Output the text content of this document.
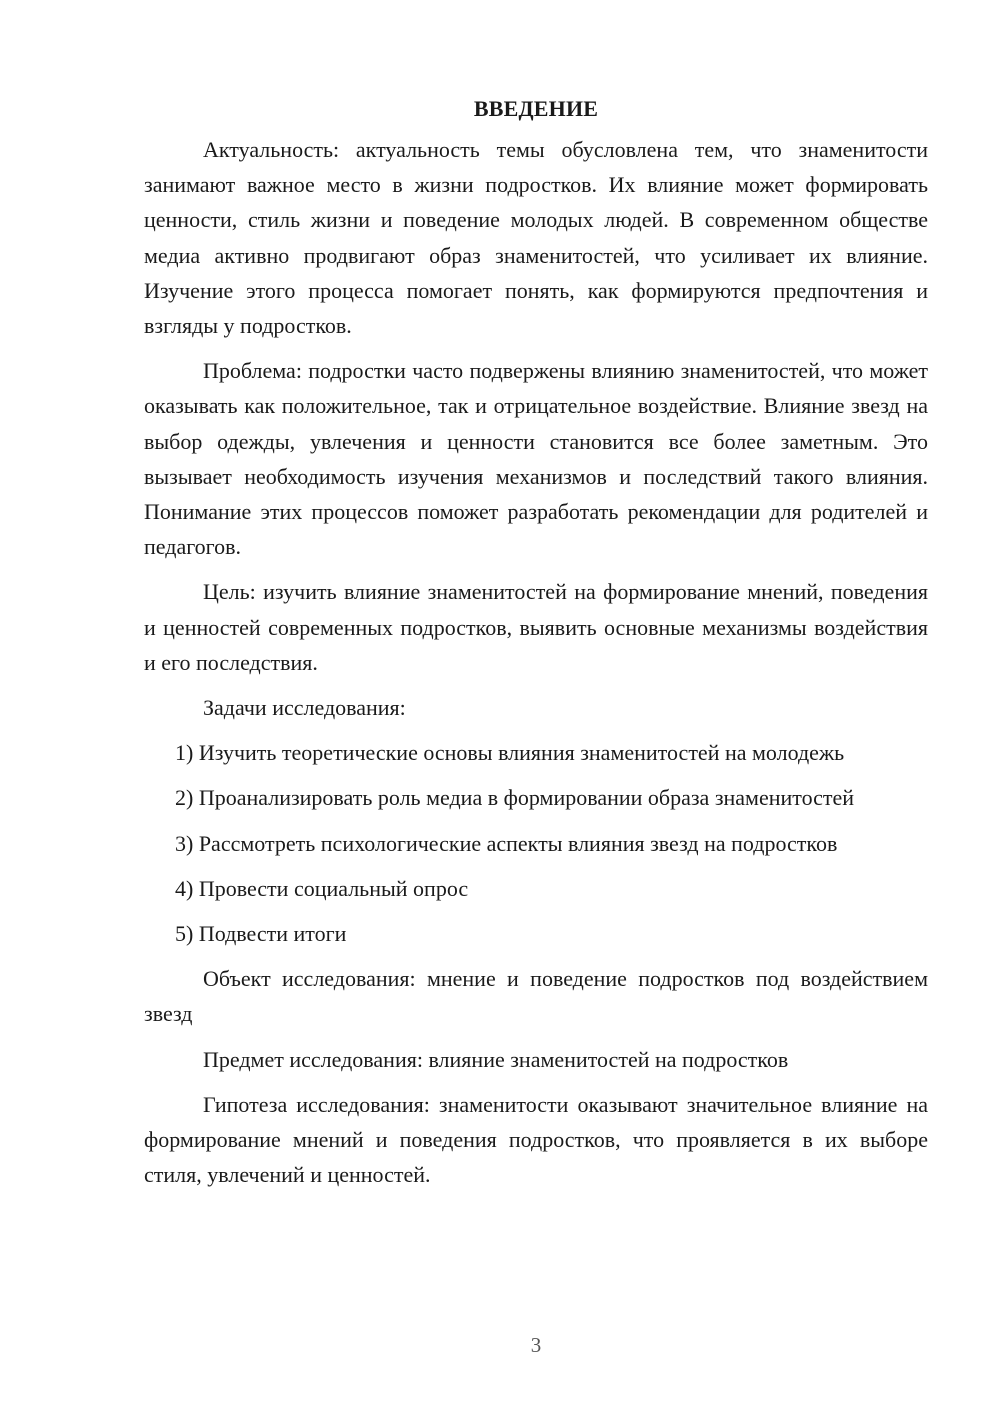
ВВЕДЕНИЕ

Актуальность: актуальность темы обусловлена тем, что знаменитости занимают важное место в жизни подростков. Их влияние может формировать ценности, стиль жизни и поведение молодых людей. В современном обществе медиа активно продвигают образ знаменитостей, что усиливает их влияние. Изучение этого процесса помогает понять, как формируются предпочтения и взгляды у подростков.

Проблема: подростки часто подвержены влиянию знаменитостей, что может оказывать как положительное, так и отрицательное воздействие. Влияние звезд на выбор одежды, увлечения и ценности становится все более заметным. Это вызывает необходимость изучения механизмов и последствий такого влияния. Понимание этих процессов поможет разработать рекомендации для родителей и педагогов.

Цель: изучить влияние знаменитостей на формирование мнений, поведения и ценностей современных подростков, выявить основные механизмы воздействия и его последствия.

Задачи исследования:

1) Изучить теоретические основы влияния знаменитостей на молодежь

2) Проанализировать роль медиа в формировании образа знаменитостей

3) Рассмотреть психологические аспекты влияния звезд на подростков

4) Провести социальный опрос

5) Подвести итоги

Объект исследования: мнение и поведение подростков под воздействием звезд

Предмет исследования: влияние знаменитостей на подростков

Гипотеза исследования: знаменитости оказывают значительное влияние на формирование мнений и поведения подростков, что проявляется в их выборе стиля, увлечений и ценностей.

3
